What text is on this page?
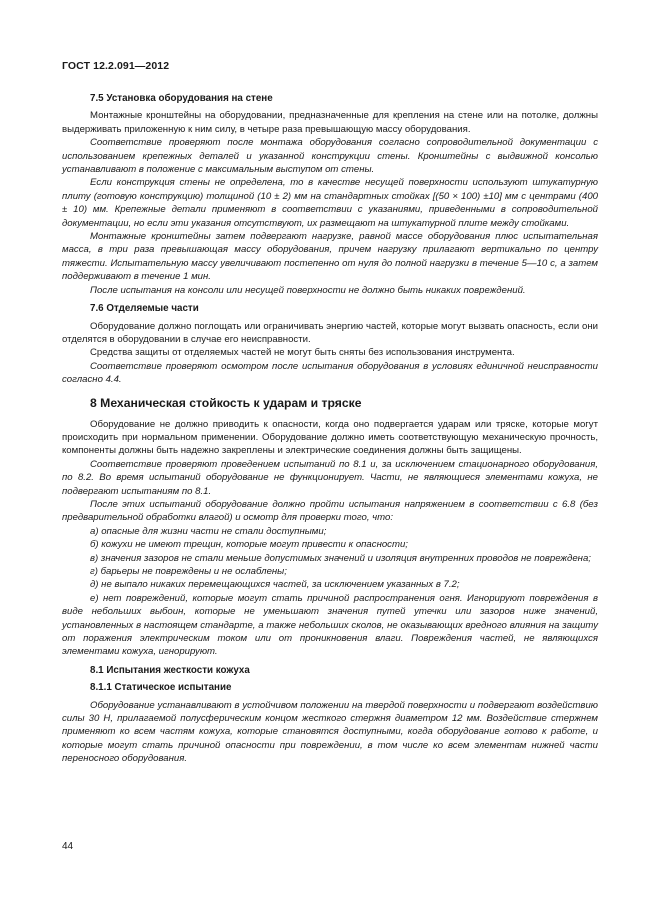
ГОСТ 12.2.091—2012
7.5 Установка оборудования на стене

Монтажные кронштейны на оборудовании, предназначенные для крепления на стене или на потолке, должны выдерживать приложенную к ним силу, в четыре раза превышающую массу оборудования.

Соответствие проверяют после монтажа оборудования согласно сопроводительной документации с использованием крепежных деталей и указанной конструкции стены. Кронштейны с выдвижной консолью устанавливают в положение с максимальным выступом от стены.

Если конструкция стены не определена, то в качестве несущей поверхности используют штукатурную плиту (готовую конструкцию) толщиной (10 ± 2) мм на стандартных стойках [(50 × 100) ±10] мм с центрами (400 ± 10) мм. Крепежные детали применяют в соответствии с указаниями, приведенными в сопроводительной документации, но если эти указания отсутствуют, их размещают на штукатурной плите между стойками.

Монтажные кронштейны затем подвергают нагрузке, равной массе оборудования плюс испытательная масса, в три раза превышающая массу оборудования, причем нагрузку прилагают вертикально по центру тяжести. Испытательную массу увеличивают постепенно от нуля до полной нагрузки в течение 5—10 с, а затем поддерживают в течение 1 мин.

После испытания на консоли или несущей поверхности не должно быть никаких повреждений.

7.6 Отделяемые части

Оборудование должно поглощать или ограничивать энергию частей, которые могут вызвать опасность, если они отделятся в оборудовании в случае его неисправности.

Средства защиты от отделяемых частей не могут быть сняты без использования инструмента.

Соответствие проверяют осмотром после испытания оборудования в условиях единичной неисправности согласно 4.4.

8 Механическая стойкость к ударам и тряске

Оборудование не должно приводить к опасности, когда оно подвергается ударам или тряске, которые могут происходить при нормальном применении. Оборудование должно иметь соответствующую механическую прочность, компоненты должны быть надежно закреплены и электрические соединения должны быть защищены.

Соответствие проверяют проведением испытаний по 8.1 и, за исключением стационарного оборудования, по 8.2. Во время испытаний оборудование не функционирует. Части, не являющиеся элементами кожуха, не подвергают испытаниям по 8.1.

После этих испытаний оборудование должно пройти испытания напряжением в соответствии с 6.8 (без предварительной обработки влагой) и осмотр для проверки того, что:

а) опасные для жизни части не стали доступными;

б) кожухи не имеют трещин, которые могут привести к опасности;

в) значения зазоров не стали меньше допустимых значений и изоляция внутренних проводов не повреждена;

г) барьеры не повреждены и не ослаблены;

д) не выпало никаких перемещающихся частей, за исключением указанных в 7.2;

е) нет повреждений, которые могут стать причиной распространения огня. Игнорируют повреждения в виде небольших выбоин, которые не уменьшают значения путей утечки или зазоров ниже значений, установленных в настоящем стандарте, а также небольших сколов, не оказывающих вредного влияния на защиту от поражения электрическим током или от проникновения влаги. Повреждения частей, не являющихся элементами кожуха, игнорируют.

8.1 Испытания жесткости кожуха
8.1.1 Статическое испытание

Оборудование устанавливают в устойчивом положении на твердой поверхности и подвергают воздействию силы 30 Н, прилагаемой полусферическим концом жесткого стержня диаметром 12 мм. Воздействие стержнем применяют ко всем частям кожуха, которые становятся доступными, когда оборудование готово к работе, и которые могут стать причиной опасности при повреждении, в том числе ко всем элементам нижней части переносного оборудования.

44
